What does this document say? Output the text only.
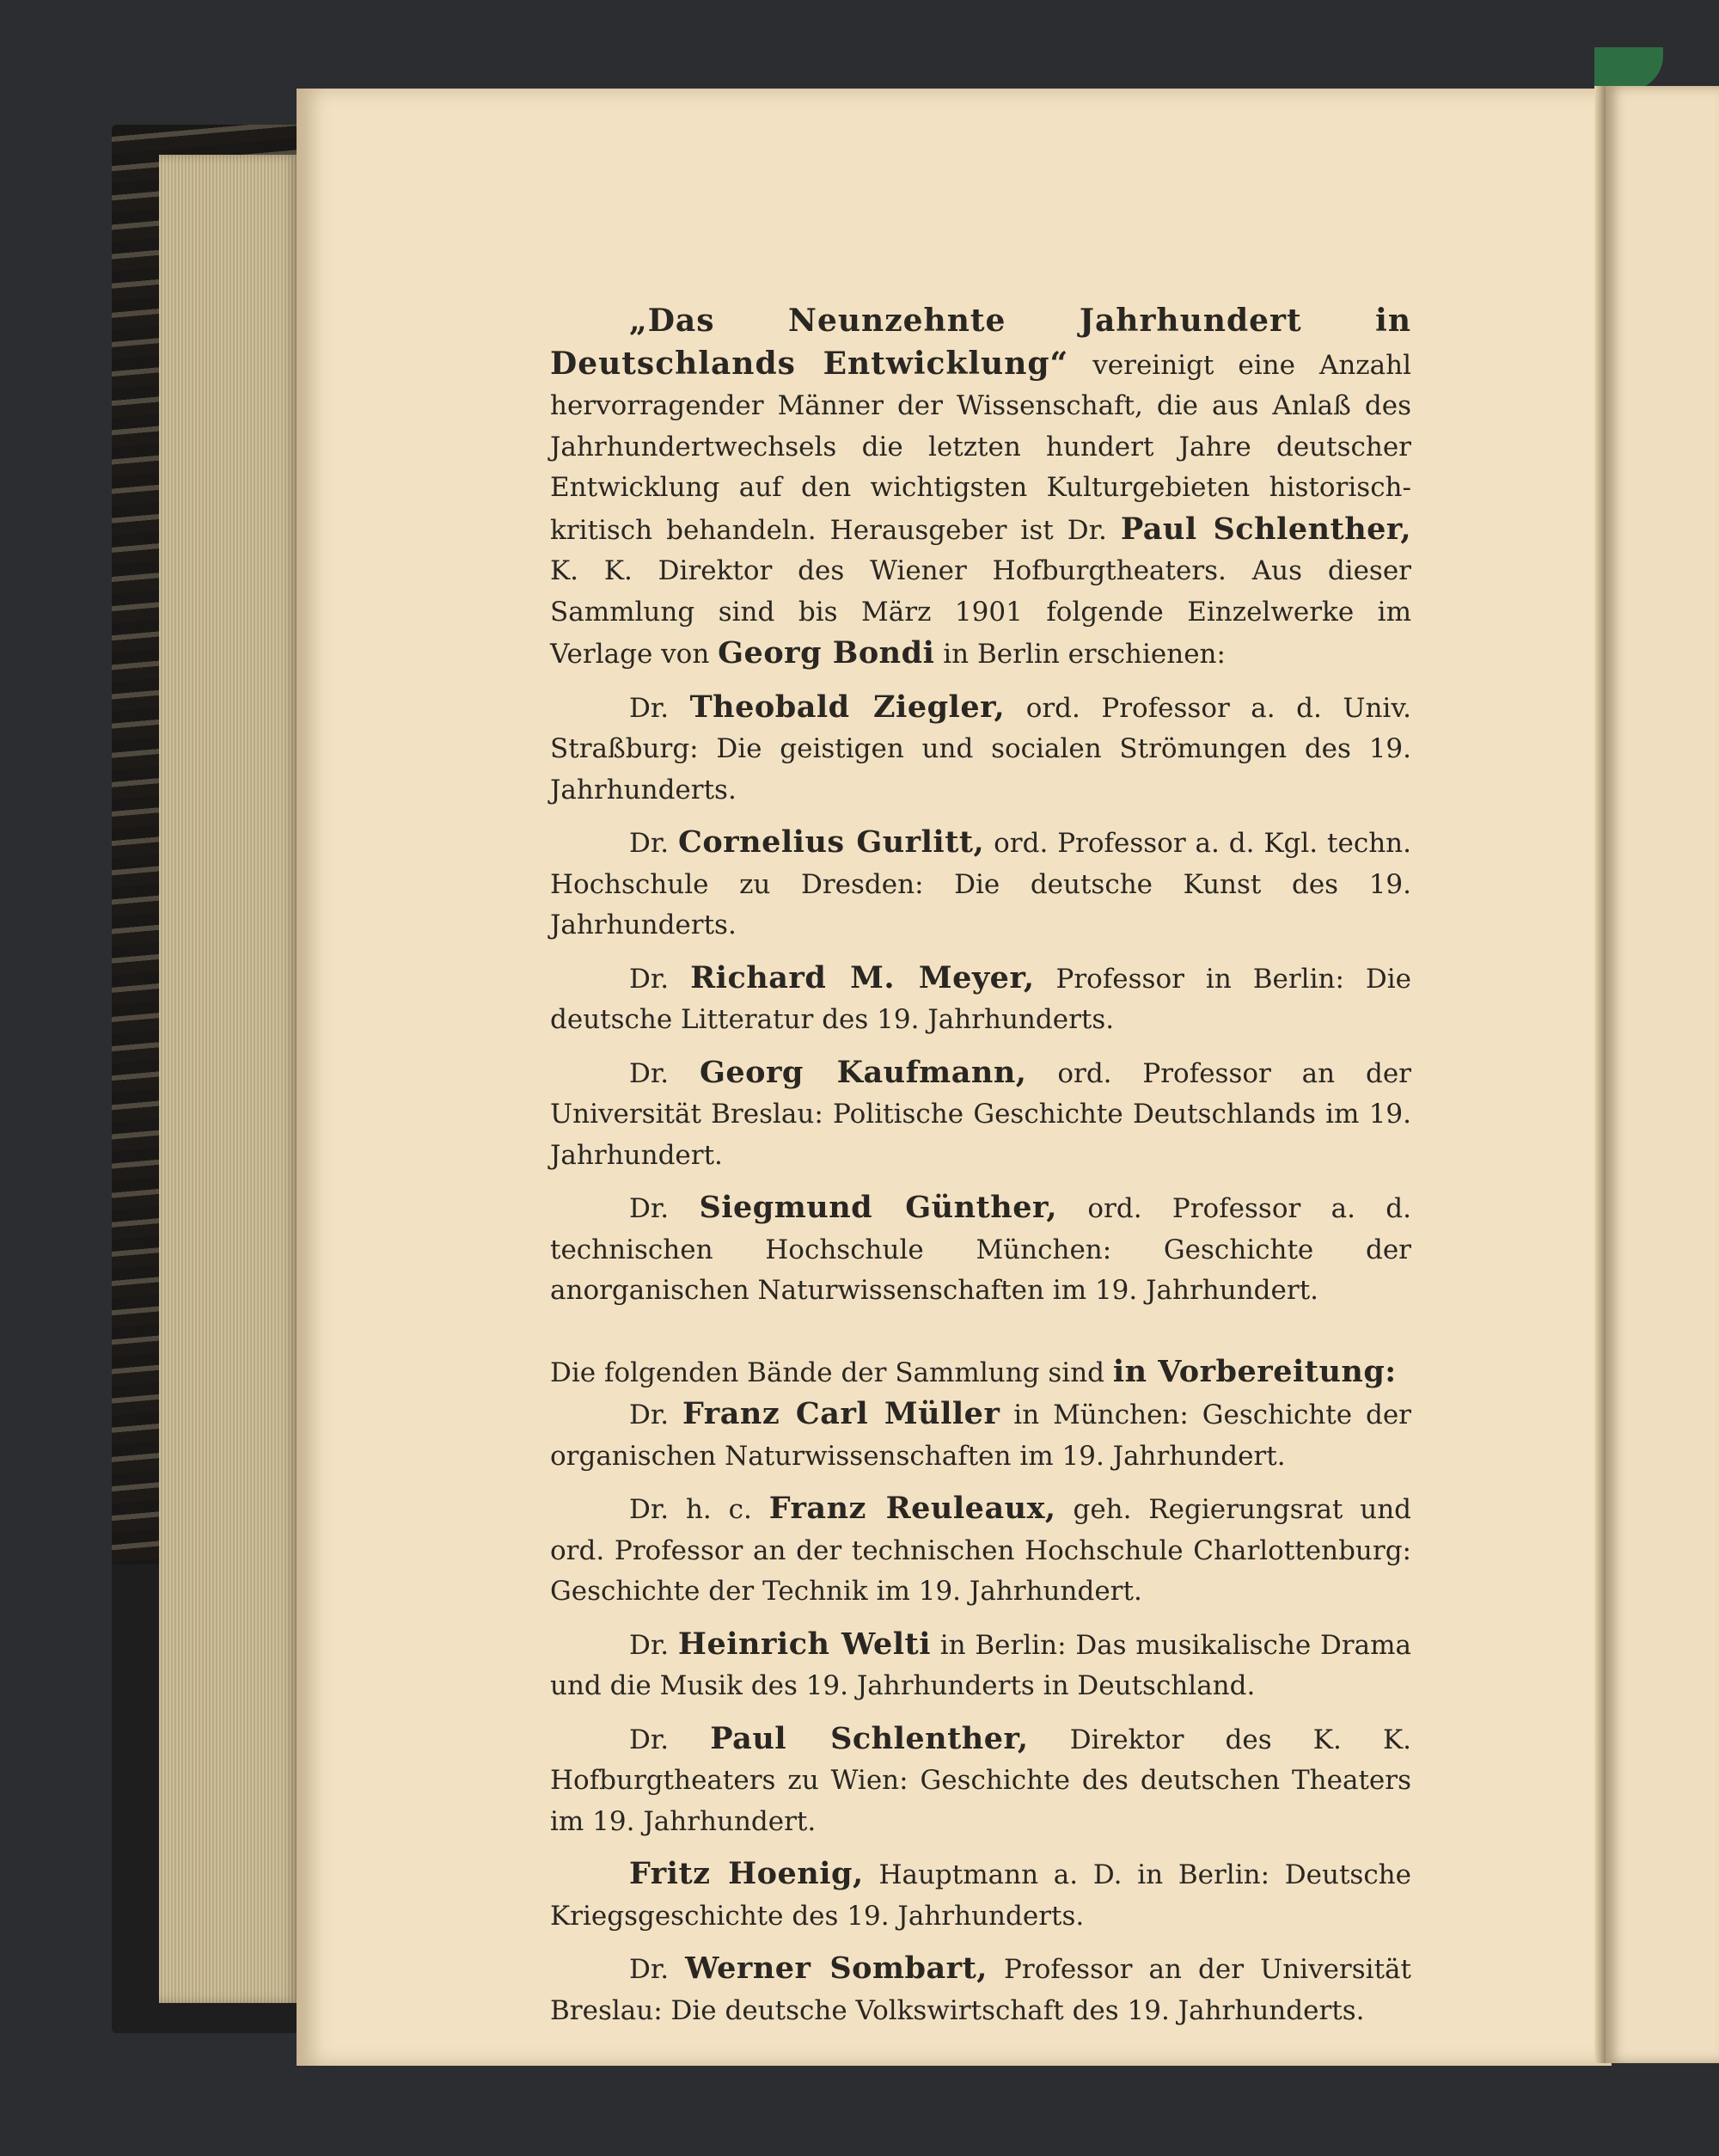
„Das Neunzehnte Jahrhundert in Deutschlands Entwicklung“ vereinigt eine Anzahl hervorragender Männer der Wissenschaft, die aus Anlaß des Jahrhundertwechsels die letzten hundert Jahre deutscher Entwicklung auf den wichtigsten Kulturgebieten historisch-kritisch behandeln. Herausgeber ist Dr. Paul Schlenther, K. K. Direktor des Wiener Hofburgtheaters. Aus dieser Sammlung sind bis März 1901 folgende Einzelwerke im Verlage von Georg Bondi in Berlin erschienen:

Dr. Theobald Ziegler, ord. Professor a. d. Univ. Straßburg: Die geistigen und socialen Strömungen des 19. Jahrhunderts.

Dr. Cornelius Gurlitt, ord. Professor a. d. Kgl. techn. Hochschule zu Dresden: Die deutsche Kunst des 19. Jahrhunderts.

Dr. Richard M. Meyer, Professor in Berlin: Die deutsche Litteratur des 19. Jahrhunderts.

Dr. Georg Kaufmann, ord. Professor an der Universität Breslau: Politische Geschichte Deutschlands im 19. Jahrhundert.

Dr. Siegmund Günther, ord. Professor a. d. technischen Hochschule München: Geschichte der anorganischen Naturwissenschaften im 19. Jahrhundert.

Die folgenden Bände der Sammlung sind in Vorbereitung:

Dr. Franz Carl Müller in München: Geschichte der organischen Naturwissenschaften im 19. Jahrhundert.

Dr. h. c. Franz Reuleaux, geh. Regierungsrat und ord. Professor an der technischen Hochschule Charlottenburg: Geschichte der Technik im 19. Jahrhundert.

Dr. Heinrich Welti in Berlin: Das musikalische Drama und die Musik des 19. Jahrhunderts in Deutschland.

Dr. Paul Schlenther, Direktor des K. K. Hofburgtheaters zu Wien: Geschichte des deutschen Theaters im 19. Jahrhundert.

Fritz Hoenig, Hauptmann a. D. in Berlin: Deutsche Kriegsgeschichte des 19. Jahrhunderts.

Dr. Werner Sombart, Professor an der Universität Breslau: Die deutsche Volkswirtschaft des 19. Jahrhunderts.
